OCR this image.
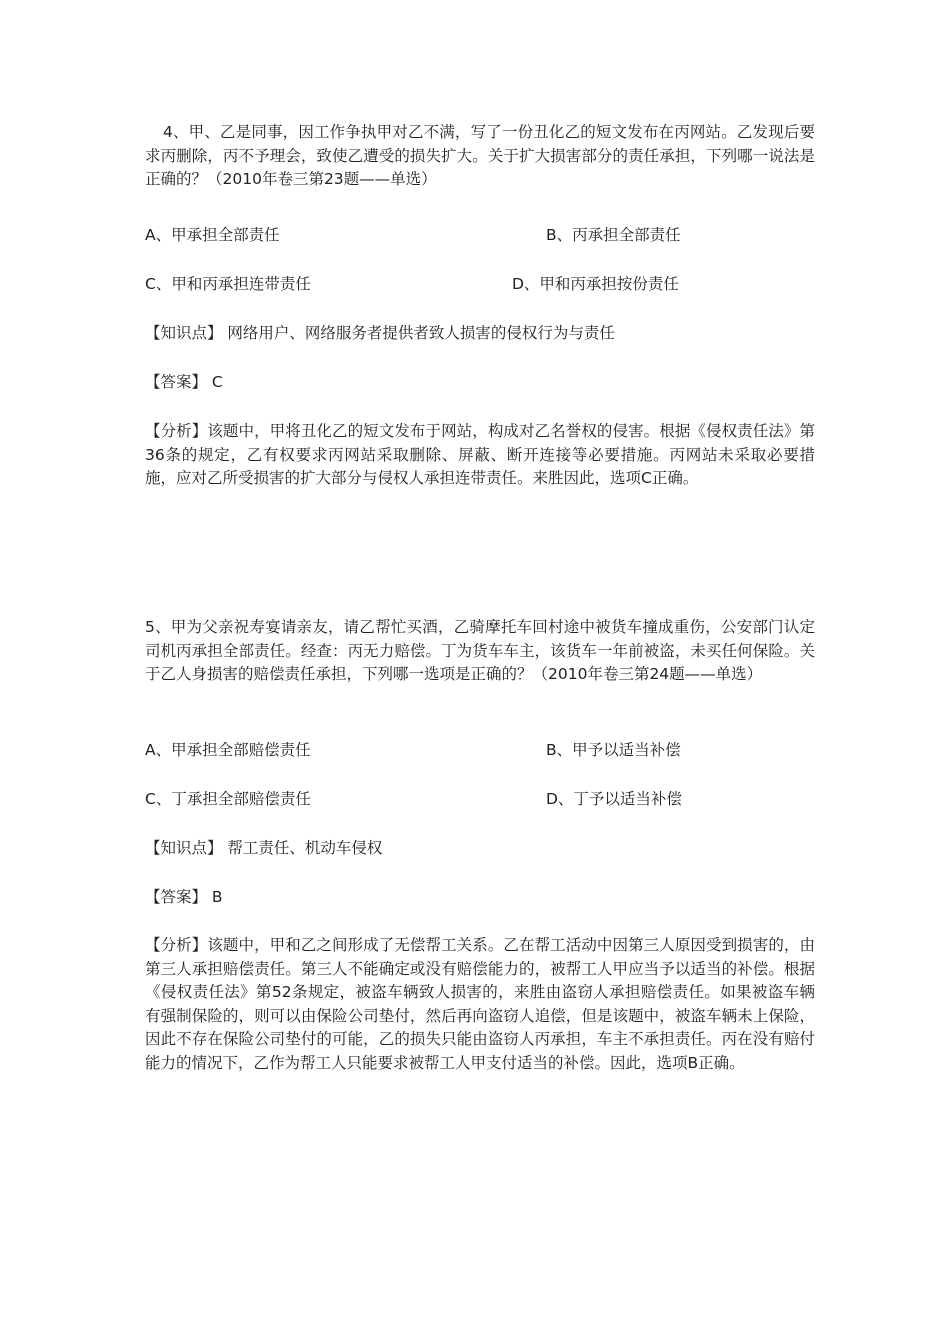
4、甲、乙是同事，因工作争执甲对乙不满，写了一份丑化乙的短文发布在丙网站。乙发现后要求丙删除，丙不予理会，致使乙遭受的损失扩大。关于扩大损害部分的责任承担，下列哪一说法是正确的？（2010年卷三第23题——单选）

A、甲承担全部责任	B、丙承担全部责任
C、甲和丙承担连带责任	D、甲和丙承担按份责任
【知识点】 网络用户、网络服务者提供者致人损害的侵权行为与责任
【答案】 C

【分析】该题中，甲将丑化乙的短文发布于网站，构成对乙名誉权的侵害。根据《侵权责任法》第36条的规定，乙有权要求丙网站采取删除、屏蔽、断开连接等必要措施。丙网站未采取必要措施，应对乙所受损害的扩大部分与侵权人承担连带责任。来胜因此，选项C正确。

5、甲为父亲祝寿宴请亲友，请乙帮忙买酒，乙骑摩托车回村途中被货车撞成重伤，公安部门认定司机丙承担全部责任。经查：丙无力赔偿。丁为货车车主，该货车一年前被盗，未买任何保险。关于乙人身损害的赔偿责任承担，下列哪一选项是正确的？（2010年卷三第24题——单选）

A、甲承担全部赔偿责任	B、甲予以适当补偿
C、丁承担全部赔偿责任	D、丁予以适当补偿
【知识点】 帮工责任、机动车侵权
【答案】 B

【分析】该题中，甲和乙之间形成了无偿帮工关系。乙在帮工活动中因第三人原因受到损害的，由第三人承担赔偿责任。第三人不能确定或没有赔偿能力的，被帮工人甲应当予以适当的补偿。根据《侵权责任法》第52条规定，被盗车辆致人损害的，来胜由盗窃人承担赔偿责任。如果被盗车辆有强制保险的，则可以由保险公司垫付，然后再向盗窃人追偿，但是该题中，被盗车辆未上保险，因此不存在保险公司垫付的可能，乙的损失只能由盗窃人丙承担，车主不承担责任。丙在没有赔付能力的情况下，乙作为帮工人只能要求被帮工人甲支付适当的补偿。因此，选项B正确。
